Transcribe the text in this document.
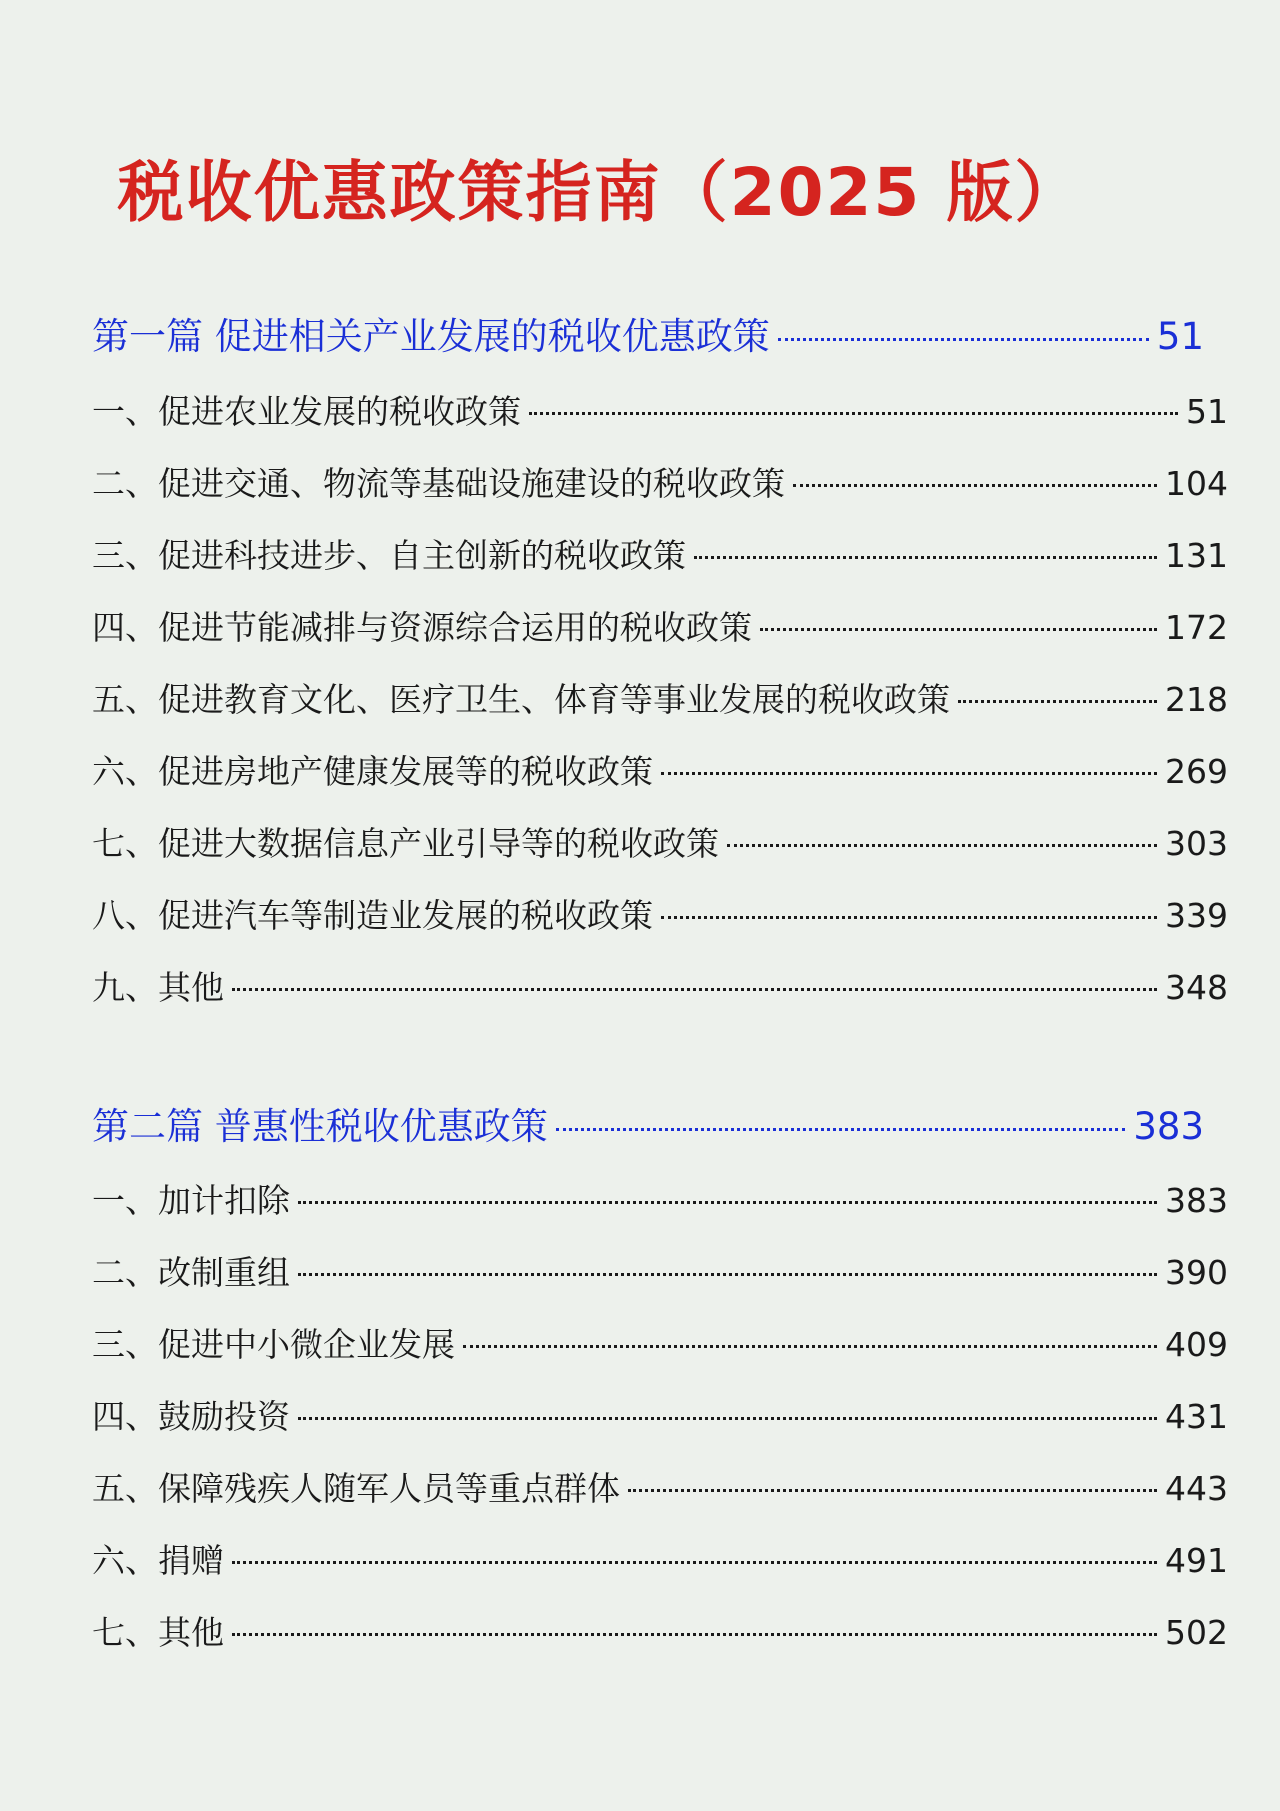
税收优惠政策指南（2025 版）
第一篇 促进相关产业发展的税收优惠政策	51
一、促进农业发展的税收政策	51
二、促进交通、物流等基础设施建设的税收政策	104
三、促进科技进步、自主创新的税收政策	131
四、促进节能减排与资源综合运用的税收政策	172
五、促进教育文化、医疗卫生、体育等事业发展的税收政策	218
六、促进房地产健康发展等的税收政策	269
七、促进大数据信息产业引导等的税收政策	303
八、促进汽车等制造业发展的税收政策	339
九、其他	348
第二篇 普惠性税收优惠政策	383
一、加计扣除	383
二、改制重组	390
三、促进中小微企业发展	409
四、鼓励投资	431
五、保障残疾人随军人员等重点群体	443
六、捐赠	491
七、其他	502
